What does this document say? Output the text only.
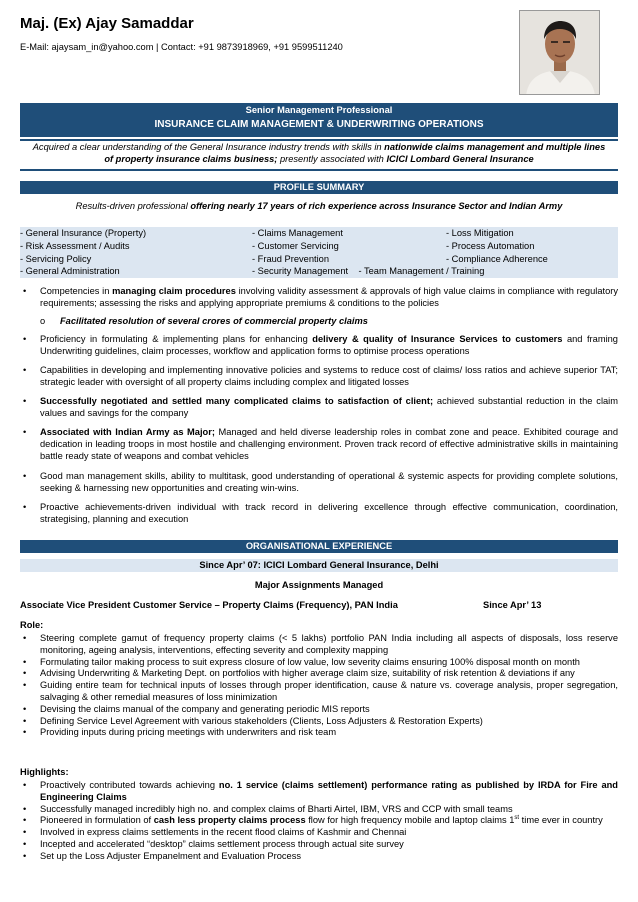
Maj. (Ex) Ajay Samaddar
E-Mail: ajaysam_in@yahoo.com | Contact: +91 9873918969, +91 9599511240
Senior Management Professional
INSURANCE CLAIM MANAGEMENT & UNDERWRITING OPERATIONS
Acquired a clear understanding of the General Insurance industry trends with skills in nationwide claims management and multiple lines
of property insurance claims business; presently associated with ICICI Lombard General Insurance
PROFILE SUMMARY
Results-driven professional offering nearly 17 years of rich experience across Insurance Sector and Indian Army
- General Insurance (Property)	- Claims Management	- Loss Mitigation
- Risk Assessment / Audits	- Customer Servicing	- Process Automation
- Servicing Policy	- Fraud Prevention	- Compliance Adherence
- General Administration	- Security Management    - Team Management / Training
• Competencies in managing claim procedures involving validity assessment & approvals of high value claims in compliance with regulatory requirements; assessing the risks and applying appropriate premiums & conditions to the policies
o Facilitated resolution of several crores of commercial property claims
• Proficiency in formulating & implementing plans for enhancing delivery & quality of Insurance Services to customers and framing Underwriting guidelines, claim processes, workflow and application forms to optimise process operations
• Capabilities in developing and implementing innovative policies and systems to reduce cost of claims/ loss ratios and achieve superior TAT; strategic leader with oversight of all property claims including complex and litigated losses
• Successfully negotiated and settled many complicated claims to satisfaction of client; achieved substantial reduction in the claim values and savings for the company
• Associated with Indian Army as Major; Managed and held diverse leadership roles in combat zone and peace. Exhibited courage and dedication in leading troops in most hostile and challenging environment. Proven track record of effective administrative skills in maintaining battle ready state of weapons and combat vehicles
• Good man management skills, ability to multitask, good understanding of operational & systemic aspects for providing complete solutions, seeking & harnessing new opportunities and creating win-wins.
• Proactive achievements-driven individual with track record in delivering excellence through effective communication, coordination, strategising, planning and execution
ORGANISATIONAL EXPERIENCE
Since Apr’ 07: ICICI Lombard General Insurance, Delhi
Major Assignments Managed
Associate Vice President Customer Service – Property Claims (Frequency), PAN India	Since Apr’ 13
Role:
• Steering complete gamut of frequency property claims (< 5 lakhs) portfolio PAN India including all aspects of disposals, loss reserve monitoring, ageing analysis, interventions, effecting severity and complexity mapping
• Formulating tailor making process to suit express closure of low value, low severity claims ensuring 100% disposal month on month
• Advising Underwriting & Marketing Dept. on portfolios with higher average claim size, suitability of risk retention & deviations if any
• Guiding entire team for technical inputs of losses through proper identification, cause & nature vs. coverage analysis, proper segregation, salvaging & other remedial measures of loss minimization
• Devising the claims manual of the company and generating periodic MIS reports
• Defining Service Level Agreement with various stakeholders (Clients, Loss Adjusters & Restoration Experts)
• Providing inputs during pricing meetings with underwriters and risk team
Highlights:
• Proactively contributed towards achieving no. 1 service (claims settlement) performance rating as published by IRDA for Fire and Engineering Claims
• Successfully managed incredibly high no. and complex claims of Bharti Airtel, IBM, VRS and CCP with small teams
• Pioneered in formulation of cash less property claims process flow for high frequency mobile and laptop claims 1st time ever in country
• Involved in express claims settlements in the recent flood claims of Kashmir and Chennai
• Incepted and accelerated “desktop” claims settlement process through actual site survey
• Set up the Loss Adjuster Empanelment and Evaluation Process
